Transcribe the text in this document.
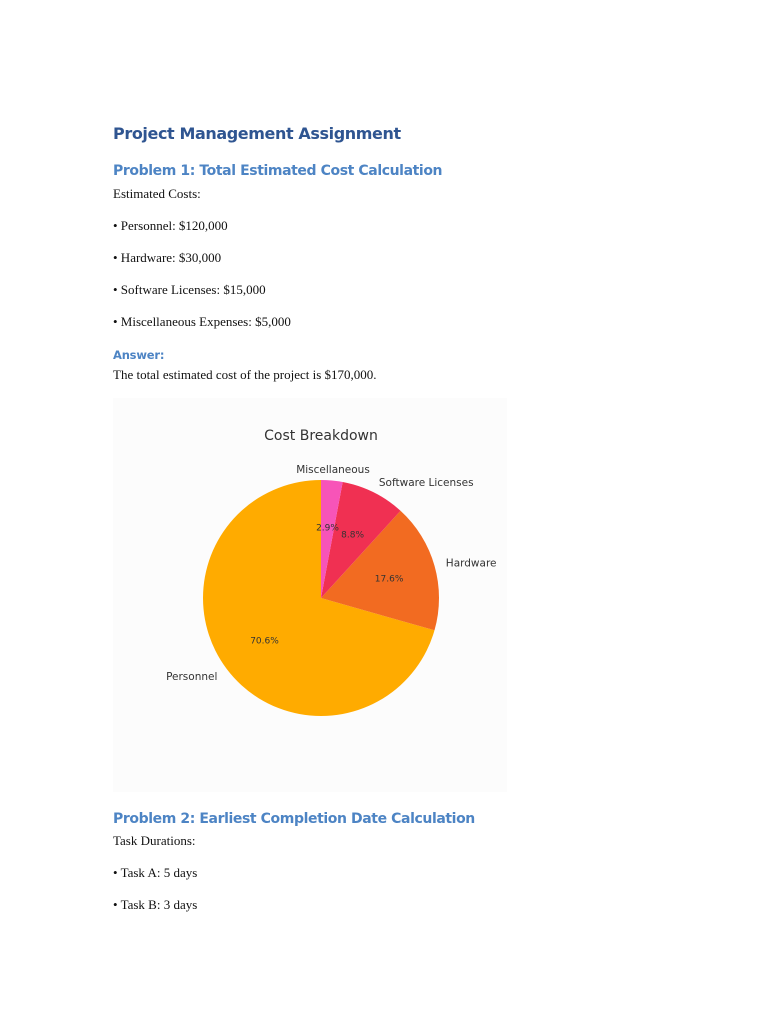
Project Management Assignment
Problem 1: Total Estimated Cost Calculation

Estimated Costs:

• Personnel: $120,000

• Hardware: $30,000

• Software Licenses: $15,000

• Miscellaneous Expenses: $5,000

Answer:

The total estimated cost of the project is $170,000.

Cost Breakdown
Personnel
70.6%
Hardware
17.6%
Software Licenses
8.8%
Miscellaneous
2.9%
Problem 2: Earliest Completion Date Calculation

Task Durations:

• Task A: 5 days

• Task B: 3 days
